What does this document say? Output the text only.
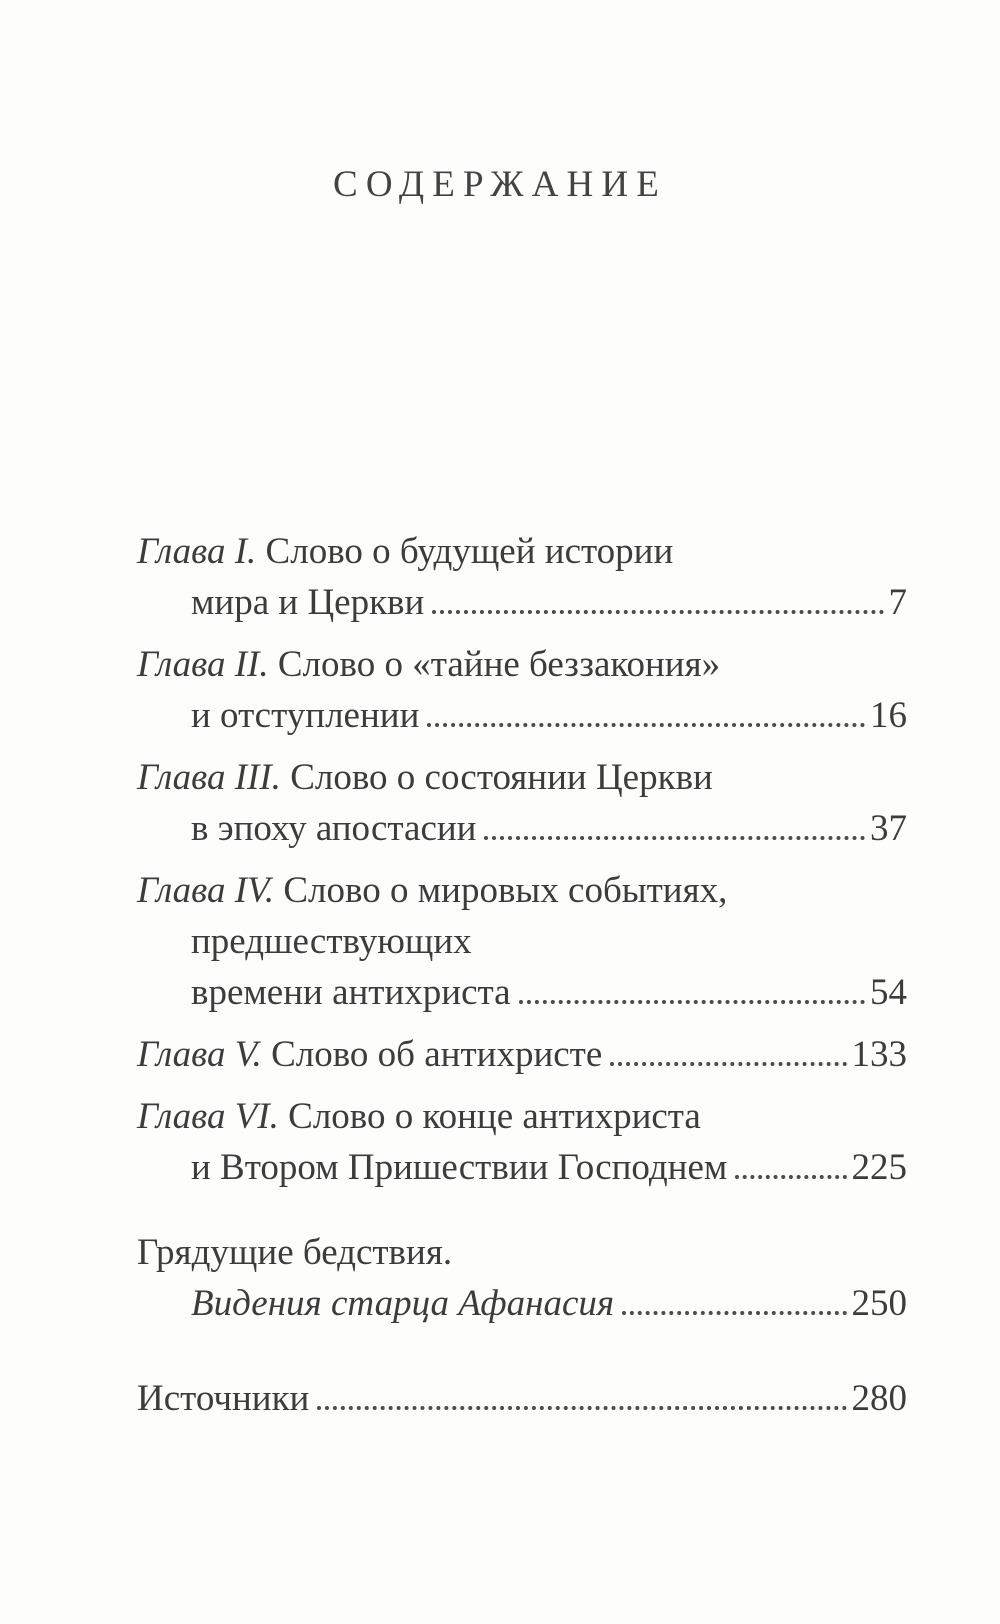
СОДЕРЖАНИЕ
Глава I. Слово о будущей истории
мира и Церкви	7
Глава II. Слово о «тайне беззакония»
и отступлении	16
Глава III. Слово о состоянии Церкви
в эпоху апостасии	37
Глава IV. Слово о мировых событиях,
предшествующих
времени антихриста	54
Глава V. Слово об антихристе	133
Глава VI. Слово о конце антихриста
и Втором Пришествии Господнем	225
Грядущие бедствия.
Видения старца Афанасия	250
Источники	280
